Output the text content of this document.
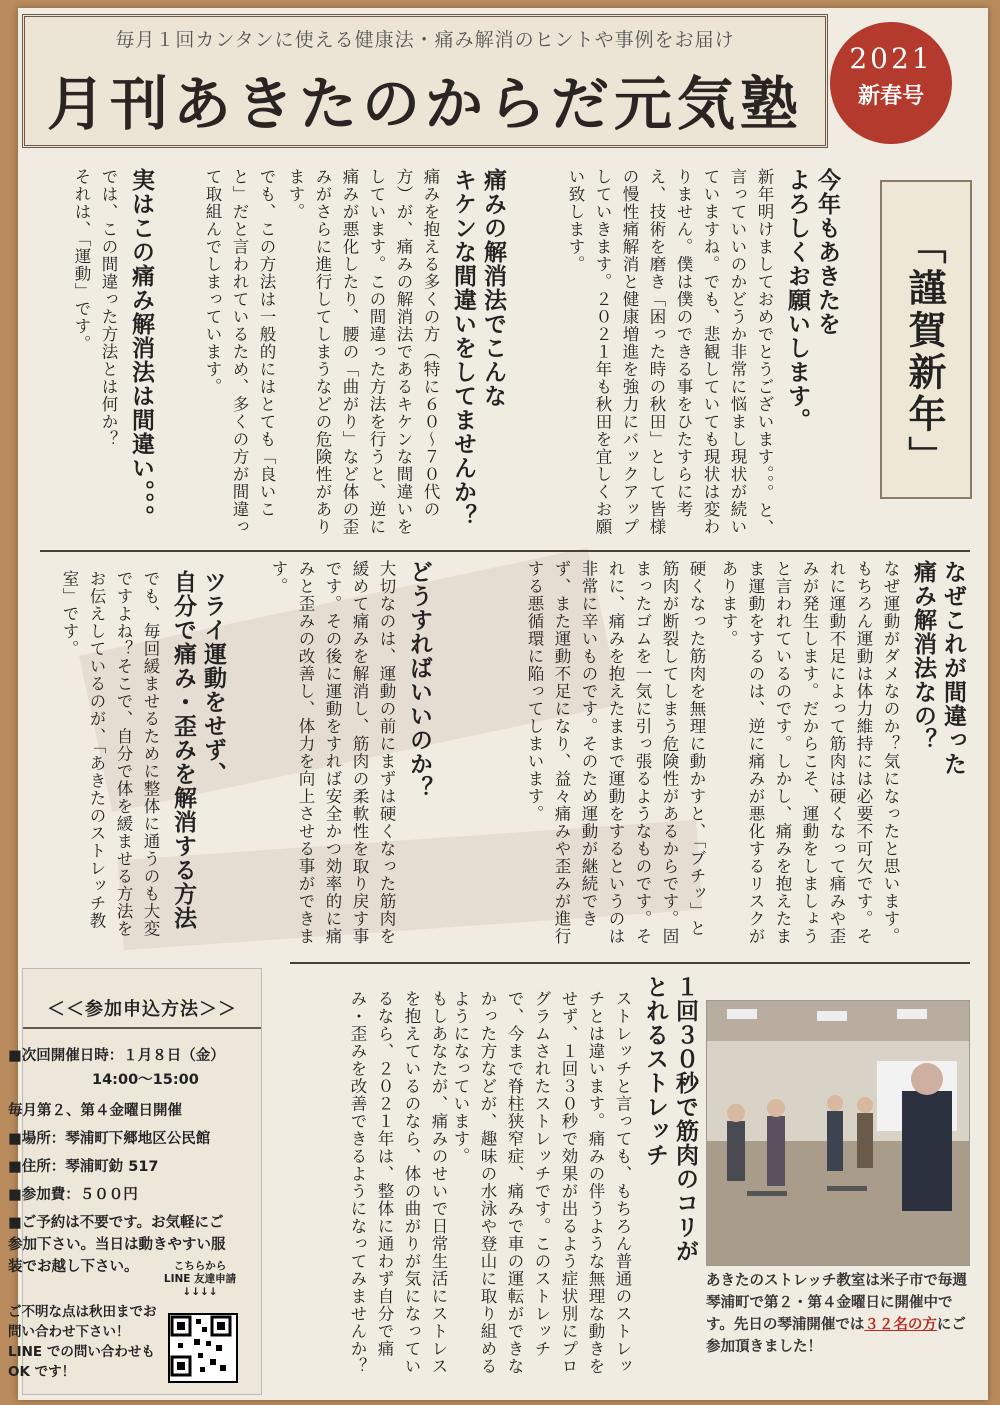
毎月１回カンタンに使える健康法・痛み解消のヒントや事例をお届け
月刊あきたのからだ元気塾
2021
新春号
「謹賀新年」
今年もあきたを
よろしくお願いします。
新年明けましておめでとうございます。。。と、言っていいのかどうか非常に悩まし現状が続いていますね。でも、悲観していても現状は変わりません。僕は僕のできる事をひたすらに考え、技術を磨き「困った時の秋田」として皆様の慢性痛解消と健康増進を強力にバックアップしていきます。２０２１年も秋田を宜しくお願い致します。
痛みの解消法でこんな
キケンな間違いをしてませんか？
痛みを抱える多くの方（特に６０〜７０代の方）が、痛みの解消法であるキケンな間違いをしています。この間違った方法を行うと、逆に痛みが悪化したり、腰の「曲がり」など体の歪みがさらに進行してしまうなどの危険性があります。
でも、この方法は一般的にはとても「良いこと」だと言われているため、多くの方が間違って取組んでしまっています。
実はこの痛み解消法は間違い。。。
では、この間違った方法とは何か？
それは、「運動」です。
なぜこれが間違った
痛み解消法なの？
なぜ運動がダメなのか？気になったと思います。もちろん運動は体力維持には必要不可欠です。それに運動不足によって筋肉は硬くなって痛みや歪みが発生します。だからこそ、運動をしましょうと言われているのです。しかし、痛みを抱えたまま運動をするのは、逆に痛みが悪化するリスクがあります。
硬くなった筋肉を無理に動かすと、「ブチッ」と筋肉が断裂してしまう危険性があるからです。固まったゴムを一気に引っ張るようなものです。それに、痛みを抱えたままで運動をするというのは非常に辛いものです。そのため運動が継続できず、また運動不足になり、益々痛みや歪みが進行する悪循環に陥ってしまいます。
どうすればいいのか？
大切なのは、運動の前にまずは硬くなった筋肉を緩めて痛みを解消し、筋肉の柔軟性を取り戻す事です。その後に運動をすれば安全かつ効率的に痛みと歪みの改善し、体力を向上させる事ができます。
ツライ運動をせず、
自分で痛み・歪みを解消する方法
でも、毎回緩ませるために整体に通うのも大変ですよね？そこで、自分で体を緩ませる方法をお伝えしているのが、「あきたのストレッチ教室」です。
＜＜参加申込方法＞＞
■次回開催日時：１月８日（金）
14:00〜15:00
毎月第２、第４金曜日開催
■場所：琴浦町下郷地区公民館
■住所：琴浦町釛 517
■参加費：５００円
■ご予約は不要です。お気軽にご参加下さい。当日は動きやすい服装でお越し下さい。	こちらから
LINE 友達申請
↓↓↓↓
ご不明な点は秋田までお問い合わせ下さい！LINE での問い合わせも OK です！
１回３０秒で筋肉のコリが
とれるストレッチ
ストレッチと言っても、もちろん普通のストレッチとは違います。痛みの伴うような無理な動きをせず、１回３０秒で効果が出るよう症状別にプログラムされたストレッチです。このストレッチで、今まで脊柱狭窄症、痛みで車の運転ができなかった方などが、趣味の水泳や登山に取り組めるようになっています。
もしあなたが、痛みのせいで日常生活にストレスを抱えているのなら、体の曲がりが気になっているなら、２０２１年は、整体に通わず自分で痛み・歪みを改善できるようになってみませんか？	あきたのストレッチ教室は米子市で毎週琴浦町で第２・第４金曜日に開催中です。先日の琴浦開催では３２名の方にご参加頂きました！
